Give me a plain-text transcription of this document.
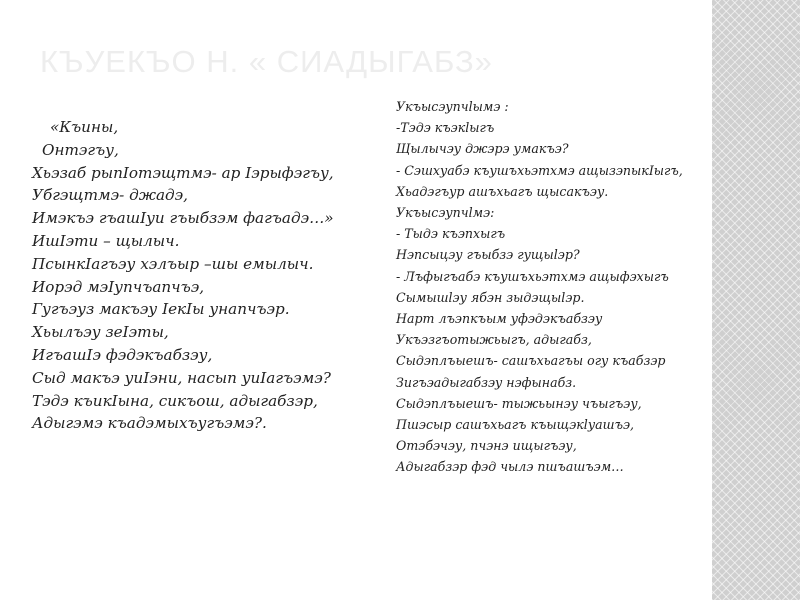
КЪУЕКЪО Н. « СИАДЫГАБЗ»
«Къины,
Онтэгъу,
Хьэзаб рыпІотэщтмэ- ар Іэрыфэгъу,
Убгэщтмэ- джадэ,
Имэкъэ гъашІуи гъыбзэм фагъадэ…»
ИшІэти – щылыч.
ПсынкІагъэу хэлъыр –шы емылыч.
Иорэд мэІупчъапчъэ,
Гугъэуз макъэу ІекІы унапчъэр.
Хьылъэу зеІэты,
ИгъашІэ фэдэкъабзэу,
Сыд макъэ уиІэни, насып уиІагъэмэ?
Тэдэ къикІына, сикъош, адыгабзэр,
Адыгэмэ къадэмыхъугъэмэ?.
Укъысэупчlымэ :
-Тэдэ къэкlыгъ
Щылычэу джэрэ умакъэ?
- Сэшхуабэ къушъхьэтхмэ ащызэпыкІыгъ,
Хьадэгъур ашъхьагъ щысакъэу.
Укъысэупчlмэ:
- Тыдэ къэпхыгъ
Нэпсыцэу гъыбзэ гущыlэр?
- Лъфыгъабэ къушъхьэтхмэ ащыфэхыгъ
Сымышlэу ябэн зыдэщыlэр.
Нарт лъэпкъым уфэдэкъабзэу
Укъэзгъотыжьыгъ, адыгабз,
Сыдэплъыешъ- сашъхьагъы огу къабзэр
Зигъэадыгабзэу нэфынабз.
Сыдэплъыешъ- тыжьынэу чъыгъэу,
Пшэсыр сашъхьагъ къыщэкlуашъэ,
Отэбэчэу, пчэнэ ищыгъэу,
Адыгабзэр фэд чылэ пшъашъэм…
